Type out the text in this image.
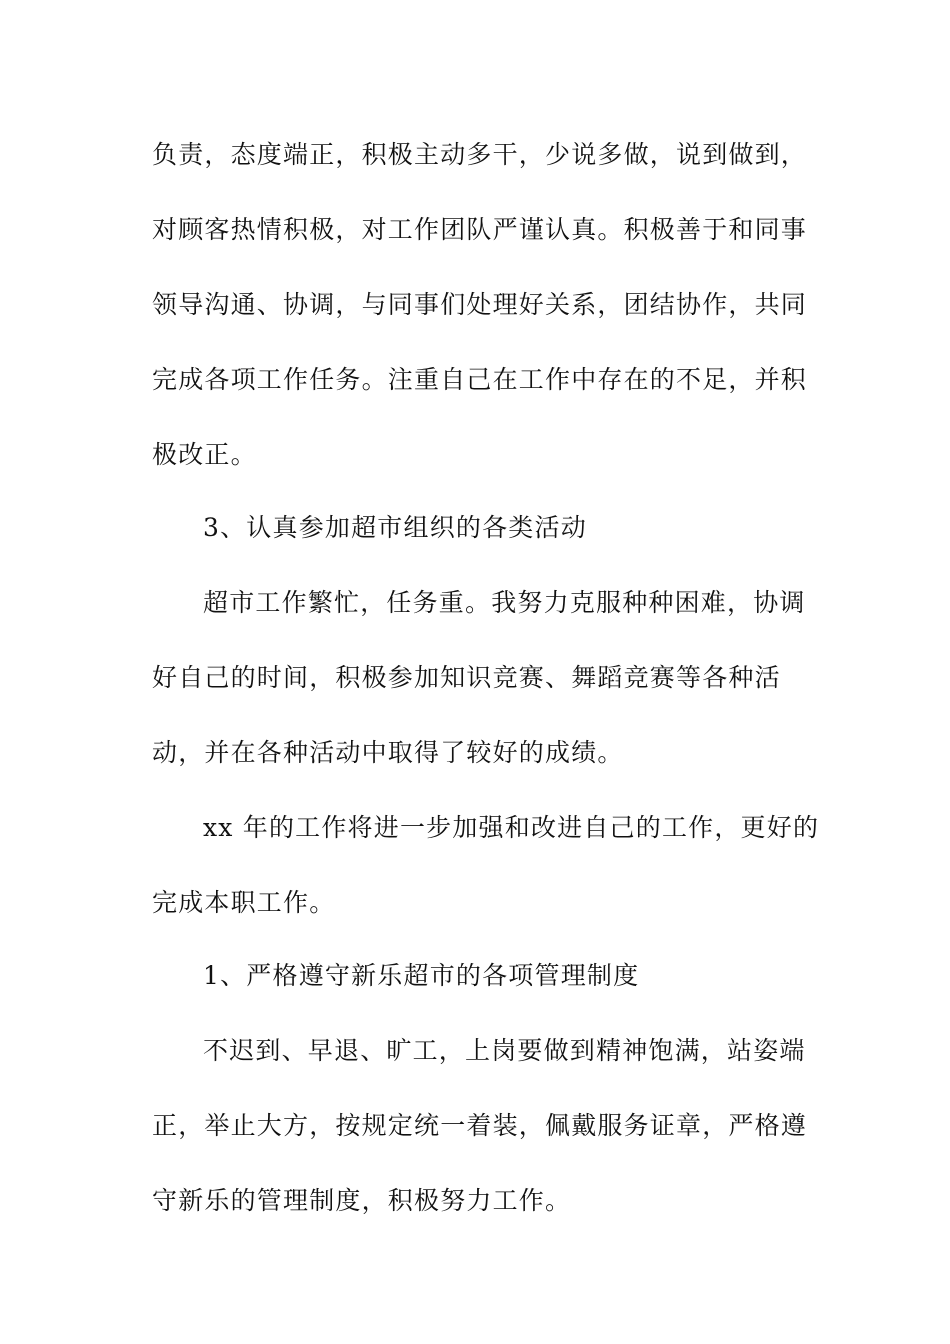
负责，态度端正，积极主动多干，少说多做，说到做到，
对顾客热情积极，对工作团队严谨认真。积极善于和同事
领导沟通、协调，与同事们处理好关系，团结协作，共同
完成各项工作任务。注重自己在工作中存在的不足，并积
极改正。
3、认真参加超市组织的各类活动
超市工作繁忙，任务重。我努力克服种种困难，协调
好自己的时间，积极参加知识竞赛、舞蹈竞赛等各种活
动，并在各种活动中取得了较好的成绩。
xx 年的工作将进一步加强和改进自己的工作，更好的
完成本职工作。
1、严格遵守新乐超市的各项管理制度
不迟到、早退、旷工，上岗要做到精神饱满，站姿端
正，举止大方，按规定统一着装，佩戴服务证章，严格遵
守新乐的管理制度，积极努力工作。
